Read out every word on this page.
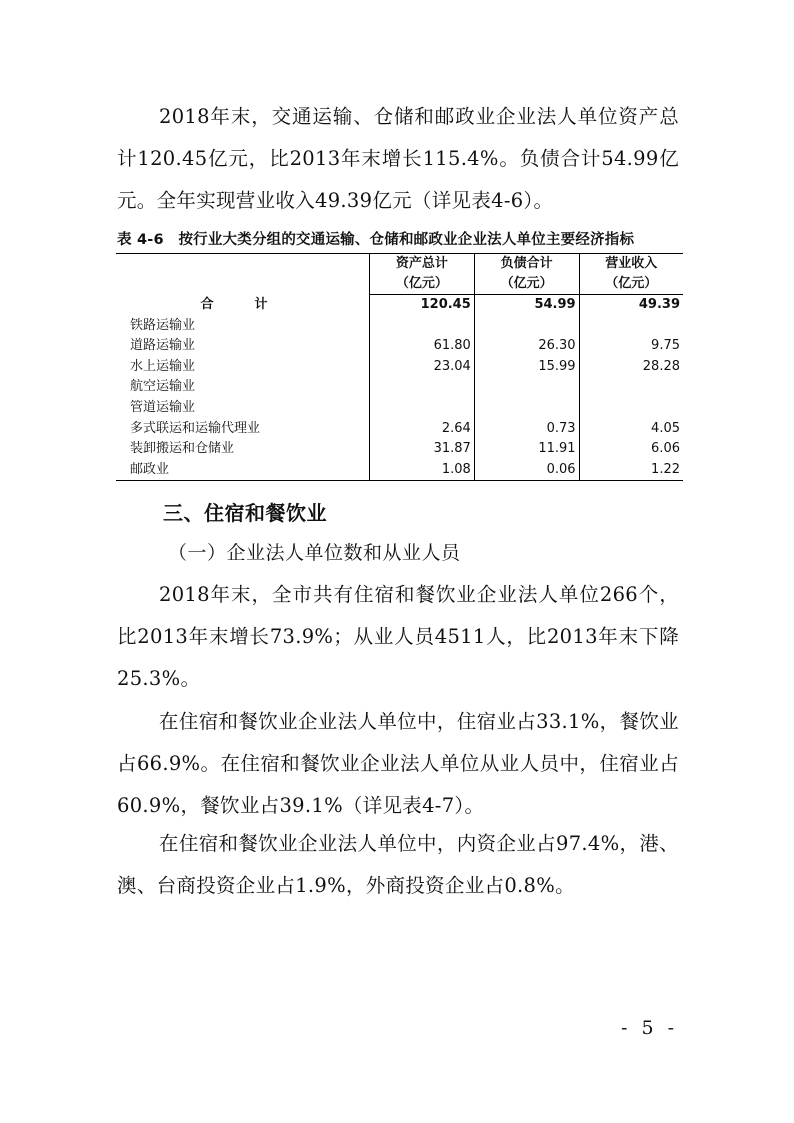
2018年末，交通运输、仓储和邮政业企业法人单位资产总计120.45亿元，比2013年末增长115.4%。负债合计54.99亿元。全年实现营业收入49.39亿元（详见表4-6）。

表 4-6　按行业大类分组的交通运输、仓储和邮政业企业法人单位主要经济指标
	资产总计	负债合计	营业收入
	（亿元）	（亿元）	（亿元）
合　计	120.45	54.99	49.39
铁路运输业			
道路运输业	61.80	26.30	9.75
水上运输业	23.04	15.99	28.28
航空运输业			
管道运输业			
多式联运和运输代理业	2.64	0.73	4.05
装卸搬运和仓储业	31.87	11.91	6.06
邮政业	1.08	0.06	1.22
三、住宿和餐饮业
（一）企业法人单位数和从业人员

2018年末，全市共有住宿和餐饮业企业法人单位266个，比2013年末增长73.9%；从业人员4511人，比2013年末下降25.3%。

在住宿和餐饮业企业法人单位中，住宿业占33.1%，餐饮业占66.9%。在住宿和餐饮业企业法人单位从业人员中，住宿业占60.9%，餐饮业占39.1%（详见表4-7）。

在住宿和餐饮业企业法人单位中，内资企业占97.4%，港、澳、台商投资企业占1.9%，外商投资企业占0.8%。

- 5 -
